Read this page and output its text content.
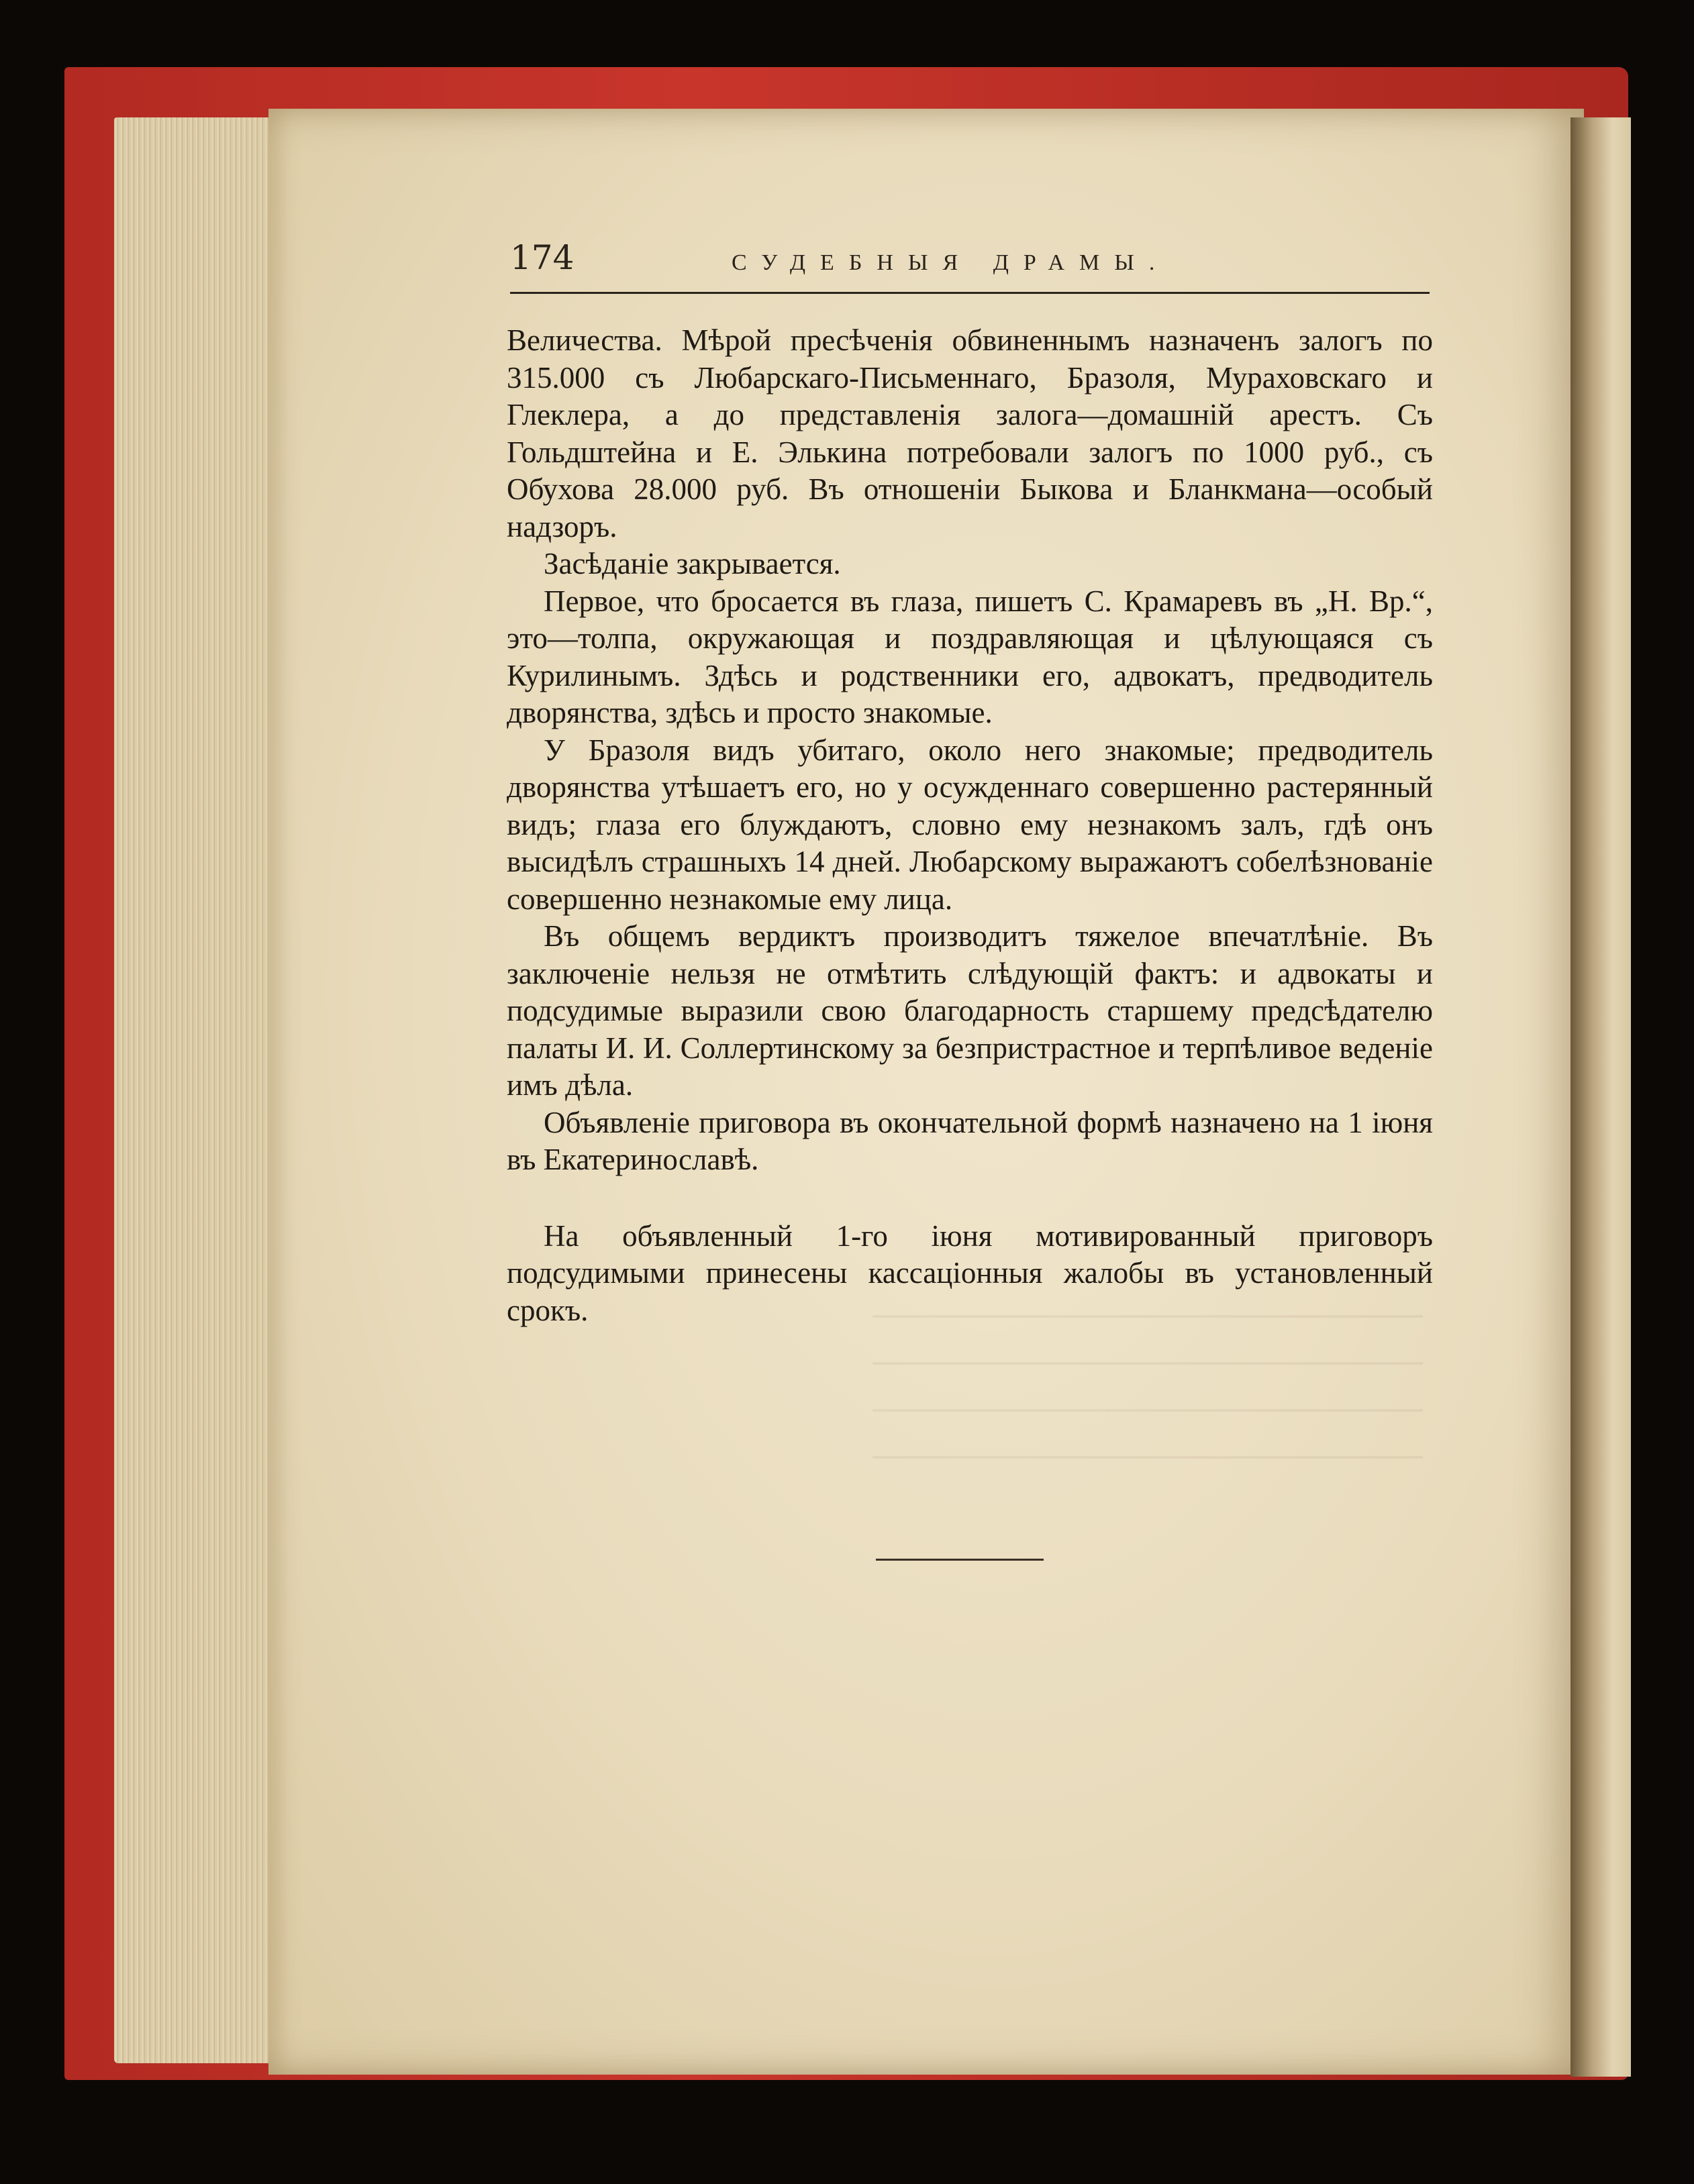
174	СУДЕБНЫЯ ДРАМЫ.

Величества. Мѣрой пресѣченія обвиненнымъ назначенъ залогъ по 315.000 съ Любарскаго-Письменнаго, Бразоля, Мураховскаго и Глеклера, а до представленія залога—домашній арестъ. Съ Гольдштейна и Е. Элькина потребовали залогъ по 1000 руб., съ Обухова 28.000 руб. Въ отношеніи Быкова и Бланкмана—особый надзоръ.

Засѣданіе закрывается.

Первое, что бросается въ глаза, пишетъ С. Крамаревъ въ „Н. Вр.“, это—толпа, окружающая и поздравляющая и цѣлующаяся съ Курилинымъ. Здѣсь и родственники его, адвокатъ, предводитель дворянства, здѣсь и просто знакомые.

У Бразоля видъ убитаго, около него знакомые; предводитель дворянства утѣшаетъ его, но у осужденнаго совершенно растерянный видъ; глаза его блуждаютъ, словно ему незнакомъ залъ, гдѣ онъ высидѣлъ страшныхъ 14 дней. Любарскому выражаютъ собелѣзнованіе совершенно незнакомые ему лица.

Въ общемъ вердиктъ производитъ тяжелое впечатлѣніе. Въ заключеніе нельзя не отмѣтить слѣдующій фактъ: и адвокаты и подсудимые выразили свою благодарность старшему предсѣдателю палаты И. И. Соллертинскому за безпристрастное и терпѣливое веденіе имъ дѣла.

Объявленіе приговора въ окончательной формѣ назначено на 1 іюня въ Екатеринославѣ.

На объявленный 1-го іюня мотивированный приговоръ подсудимыми принесены кассаціонныя жалобы въ установленный срокъ.
